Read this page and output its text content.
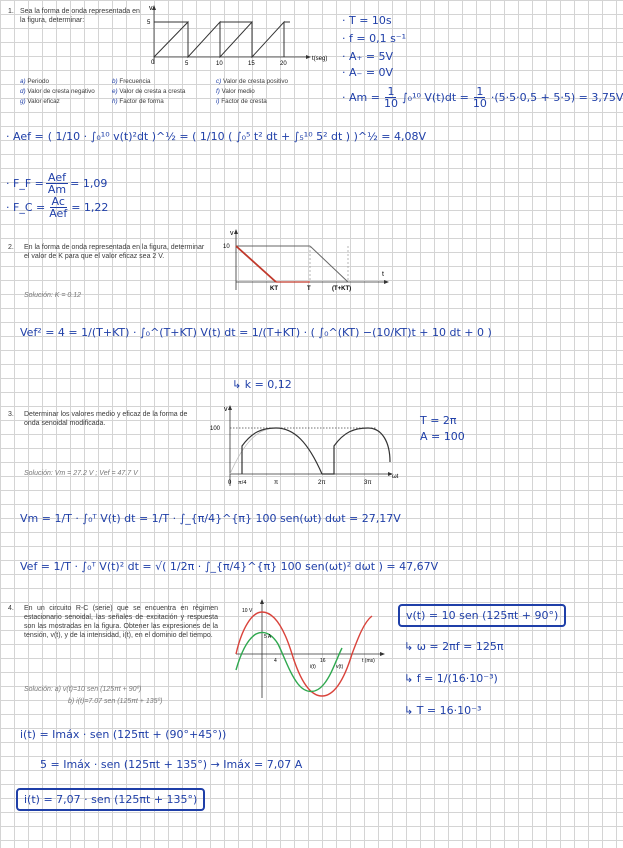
1. Sea la forma de onda representada en la figura, determinar:
v
5
0	5	10	15	20
t(seg)
· T = 10s
· f = 0,1 s⁻¹
· A₊ = 5V
· A₋ = 0V
· $Am = \frac{1}{10} \int_0^{10}$ $V(t)dt = \frac{1}{10} \cdot(5\cdot 5\cdot 0,5 + 5\cdot 5) = 3,75V$
a) Periodo	b) Frecuencia	c) Valor de cresta positivo
d) Valor de cresta negativo	e) Valor de cresta a cresta	f) Valor medio
g) Valor eficaz	h) Factor de forma	i) Factor de cresta
· Aef = ( 1/10 · ∫₀¹⁰ v(t)²dt )^½ = ( 1/10 ( ∫₀⁵ t² dt + ∫₅¹⁰ 5² dt ) )^½ = 4,08V
· F_F = $\frac{\text{Aef}}{Am} = 1,09$
· F_C = $\frac{Ac}{\text{Aef}} = 1,22$
2. En la forma de onda representada en la figura, determinar el valor de K para que el valor eficaz sea 2 V.
Solución: K = 0.12
v
10
KT	T	(T+KT)
t
Vef² = 4 = 1/(T+KT) · ∫₀^(T+KT) V(t) dt = 1/(T+KT) · ( ∫₀^(KT) −(10/KT)t + 10 dt + 0 )
↳ k = 0,12
3. Determinar los valores medio y eficaz de la forma de onda senoidal modificada.
Solución: Vm = 27.2 V ; Vef = 47.7 V
v
100
0 π/4	π	2π	3π
ωt
T = 2π
A = 100
Vm = 1/T · ∫₀ᵀ V(t) dt = 1/T · ∫_{π/4}^{π} 100 sen(ωt) dωt = 27,17V
Vef = 1/T · ∫₀ᵀ V(t)² dt = √( 1/2π · ∫_{π/4}^{π} 100 sen(ωt)² dωt ) = 47,67V
4. En un circuito R-C (serie) que se encuentra en régimen estacionario senoidal, las señales de excitación y respuesta son las mostradas en la figura. Obtener las expresiones de la tensión, v(t), y de la intensidad, i(t), en el dominio del tiempo.
Solución: a) v(t)=10 sen (125πt + 90º)
b) i(t)=7.07 sen (125πt + 135º)
10 V
5 A
4	16
i(t)	v(t)
t (ms)
v(t) = 10 sen (125πt + 90°)
↳ ω = 2πf = 125π
↳ f = 1/(16·10⁻³)
↳ T = 16·10⁻³
i(t) = Imáx · sen (125πt + (90°+45°))
5 = Imáx · sen (125πt + 135°) → Imáx = 7,07 A
i(t) = 7,07 · sen (125πt + 135°)
